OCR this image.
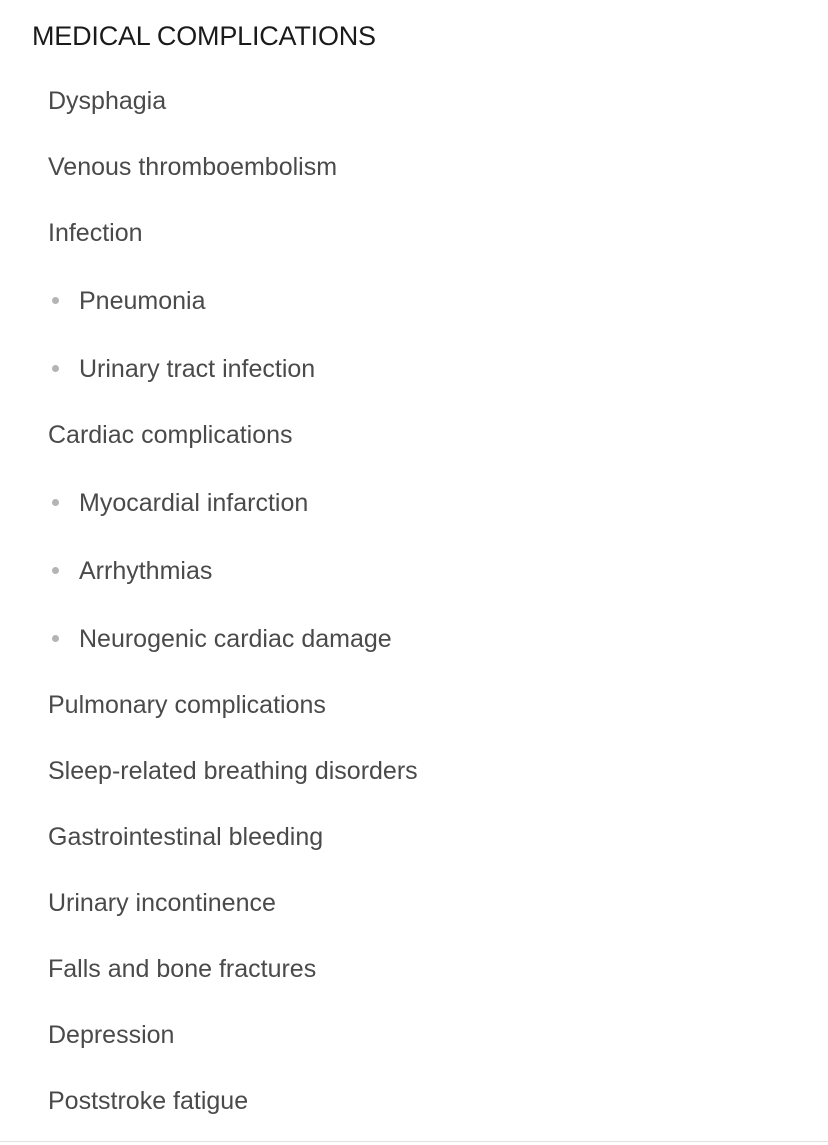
MEDICAL COMPLICATIONS
Dysphagia
Venous thromboembolism
Infection
Pneumonia
Urinary tract infection
Cardiac complications
Myocardial infarction
Arrhythmias
Neurogenic cardiac damage
Pulmonary complications
Sleep-related breathing disorders
Gastrointestinal bleeding
Urinary incontinence
Falls and bone fractures
Depression
Poststroke fatigue
